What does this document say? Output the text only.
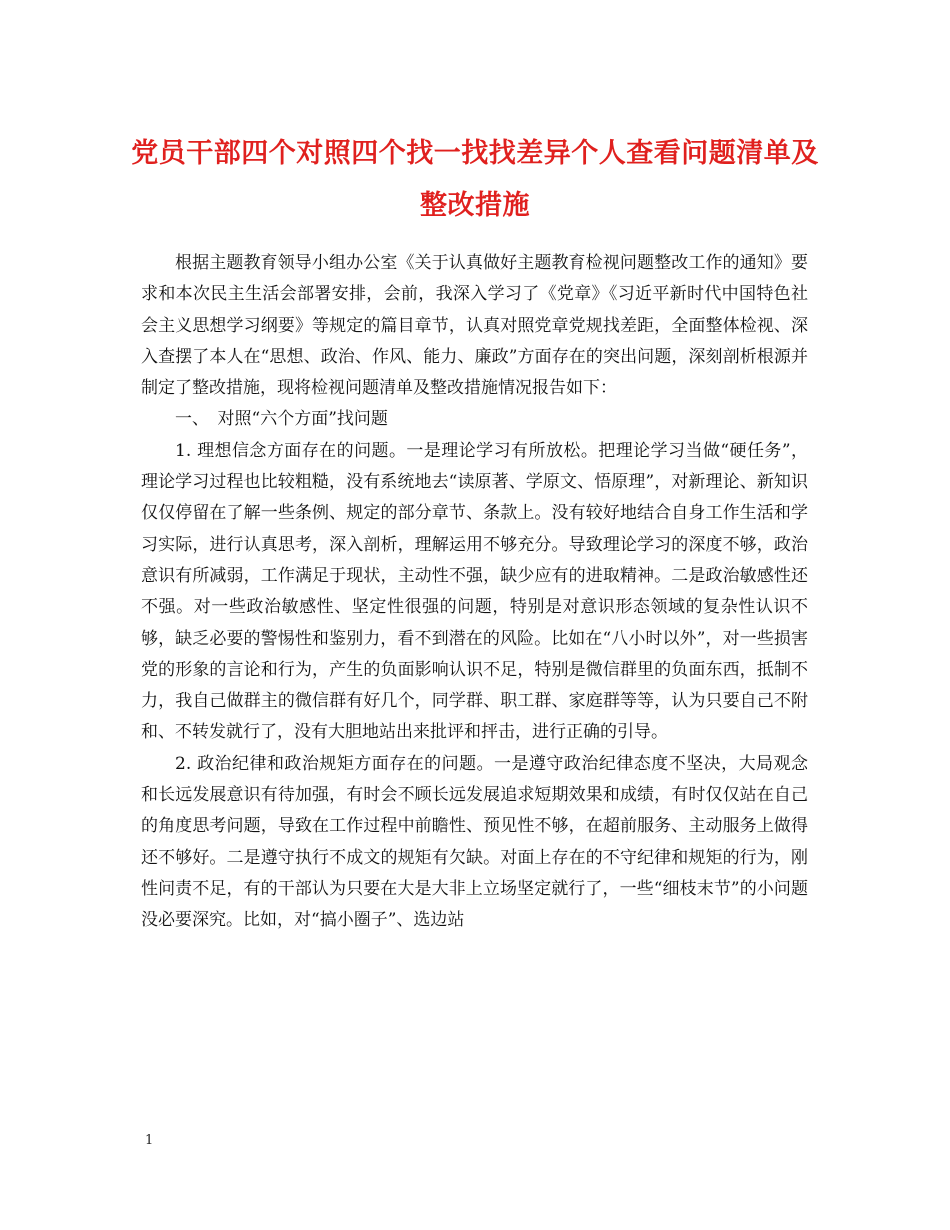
党员干部四个对照四个找一找找差异个人查看问题清单及整改措施

根据主题教育领导小组办公室《关于认真做好主题教育检视问题整改工作的通知》要求和本次民主生活会部署安排，会前，我深入学习了《党章》《习近平新时代中国特色社会主义思想学习纲要》等规定的篇目章节，认真对照党章党规找差距，全面整体检视、深入查摆了本人在“思想、政治、作风、能力、廉政”方面存在的突出问题，深刻剖析根源并制定了整改措施，现将检视问题清单及整改措施情况报告如下：

一、　对照“六个方面”找问题

1. 理想信念方面存在的问题。一是理论学习有所放松。把理论学习当做“硬任务”，理论学习过程也比较粗糙，没有系统地去“读原著、学原文、悟原理”，对新理论、新知识仅仅停留在了解一些条例、规定的部分章节、条款上。没有较好地结合自身工作生活和学习实际，进行认真思考，深入剖析，理解运用不够充分。导致理论学习的深度不够，政治意识有所减弱，工作满足于现状，主动性不强，缺少应有的进取精神。二是政治敏感性还不强。对一些政治敏感性、坚定性很强的问题，特别是对意识形态领域的复杂性认识不够，缺乏必要的警惕性和鉴别力，看不到潜在的风险。比如在“八小时以外”，对一些损害党的形象的言论和行为，产生的负面影响认识不足，特别是微信群里的负面东西，抵制不力，我自己做群主的微信群有好几个，同学群、职工群、家庭群等等，认为只要自己不附和、不转发就行了，没有大胆地站出来批评和抨击，进行正确的引导。

2. 政治纪律和政治规矩方面存在的问题。一是遵守政治纪律态度不坚决，大局观念和长远发展意识有待加强，有时会不顾长远发展追求短期效果和成绩，有时仅仅站在自己的角度思考问题，导致在工作过程中前瞻性、预见性不够，在超前服务、主动服务上做得还不够好。二是遵守执行不成文的规矩有欠缺。对面上存在的不守纪律和规矩的行为，刚性问责不足，有的干部认为只要在大是大非上立场坚定就行了，一些“细枝末节”的小问题没必要深究。比如，对“搞小圈子”、选边站

1
